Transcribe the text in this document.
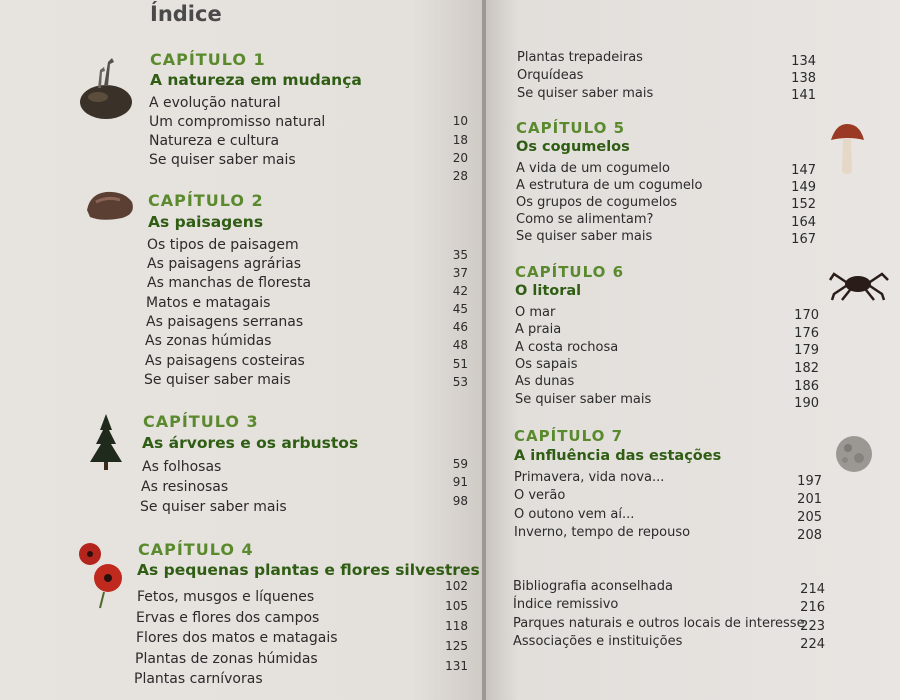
Índice
CAPÍTULO 1
A natureza em mudança
A evolução natural
Um compromisso natural
Natureza e cultura
Se quiser saber mais
10
18
20
28
CAPÍTULO 2
As paisagens
Os tipos de paisagem
As paisagens agrárias
As manchas de floresta
Matos e matagais
As paisagens serranas
As zonas húmidas
As paisagens costeiras
Se quiser saber mais
35
37
42
45
46
48
51
53
CAPÍTULO 3
As árvores e os arbustos
As folhosas
As resinosas
Se quiser saber mais
59
91
98
CAPÍTULO 4
As pequenas plantas e flores silvestres
Fetos, musgos e líquenes
Ervas e flores dos campos
Flores dos matos e matagais
Plantas de zonas húmidas
Plantas carnívoras
102
105
118
125
131
Plantas trepadeiras
Orquídeas
Se quiser saber mais
134
138
141
CAPÍTULO 5
Os cogumelos
A vida de um cogumelo
A estrutura de um cogumelo
Os grupos de cogumelos
Como se alimentam?
Se quiser saber mais
147
149
152
164
167
CAPÍTULO 6
O litoral
O mar
A praia
A costa rochosa
Os sapais
As dunas
Se quiser saber mais
170
176
179
182
186
190
CAPÍTULO 7
A influência das estações
Primavera, vida nova...
O verão
O outono vem aí...
Inverno, tempo de repouso
197
201
205
208
Bibliografia aconselhada
Índice remissivo
Parques naturais e outros locais de interesse
Associações e instituições
214
216
223
224
